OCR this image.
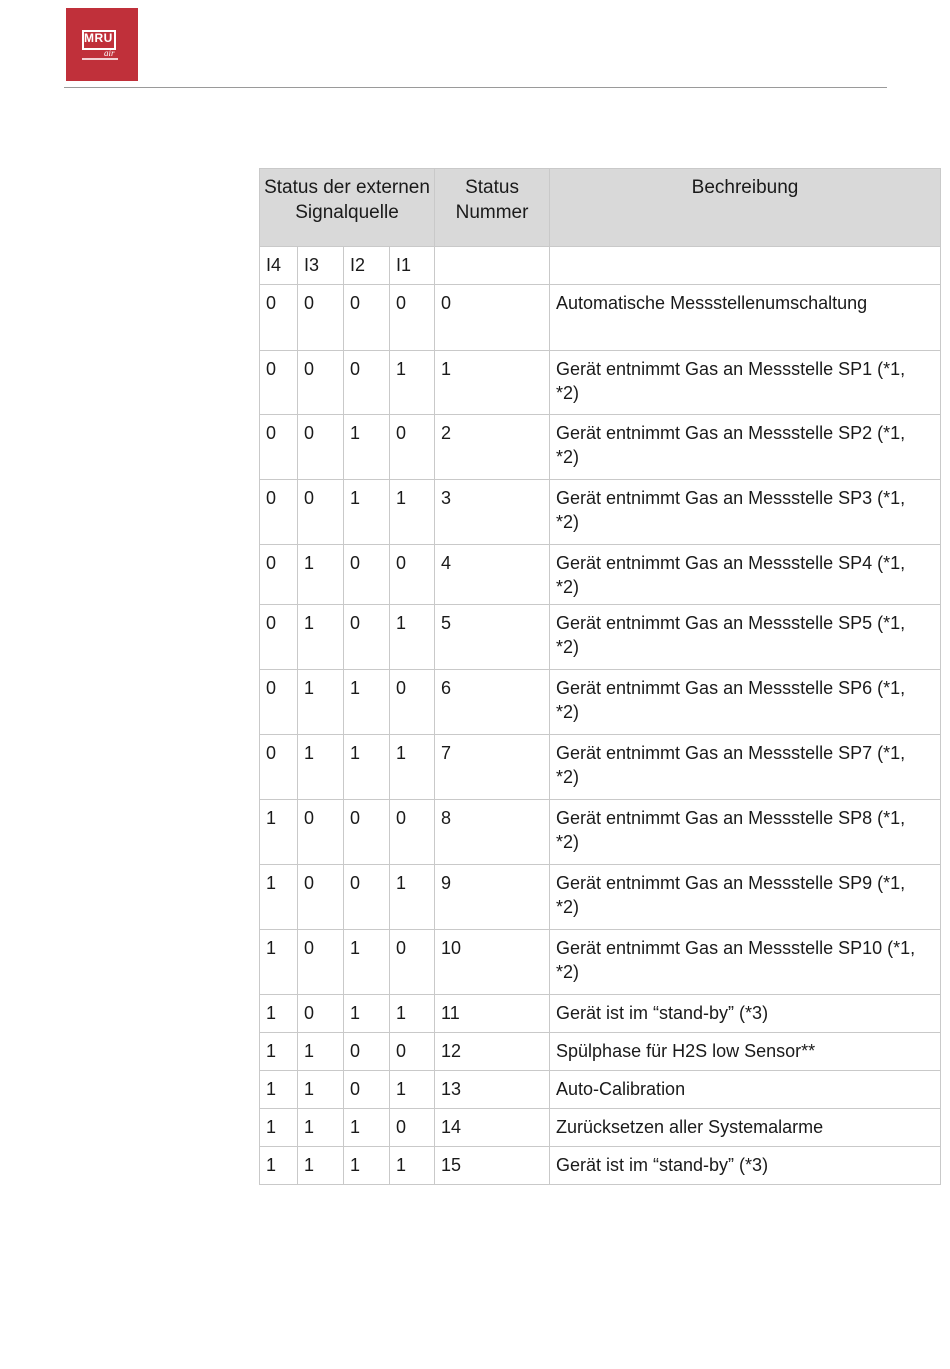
MRU
air
Status der externen Signalquelle				Status Nummer	Bechreibung
I4	I3	I2	I1		
0	0	0	0	0	Automatische Messstellenumschaltung
0	0	0	1	1	Gerät entnimmt Gas an Messstelle SP1 (*1, *2)
0	0	1	0	2	Gerät entnimmt Gas an Messstelle SP2 (*1, *2)
0	0	1	1	3	Gerät entnimmt Gas an Messstelle SP3 (*1, *2)
0	1	0	0	4	Gerät entnimmt Gas an Messstelle SP4 (*1, *2)
0	1	0	1	5	Gerät entnimmt Gas an Messstelle SP5 (*1, *2)
0	1	1	0	6	Gerät entnimmt Gas an Messstelle SP6 (*1, *2)
0	1	1	1	7	Gerät entnimmt Gas an Messstelle SP7 (*1, *2)
1	0	0	0	8	Gerät entnimmt Gas an Messstelle SP8 (*1, *2)
1	0	0	1	9	Gerät entnimmt Gas an Messstelle SP9 (*1, *2)
1	0	1	0	10	Gerät entnimmt Gas an Messstelle SP10 (*1, *2)
1	0	1	1	11	Gerät ist im “stand-by” (*3)
1	1	0	0	12	Spülphase für H2S low Sensor**
1	1	0	1	13	Auto-Calibration
1	1	1	0	14	Zurücksetzen aller Systemalarme
1	1	1	1	15	Gerät ist im “stand-by” (*3)
